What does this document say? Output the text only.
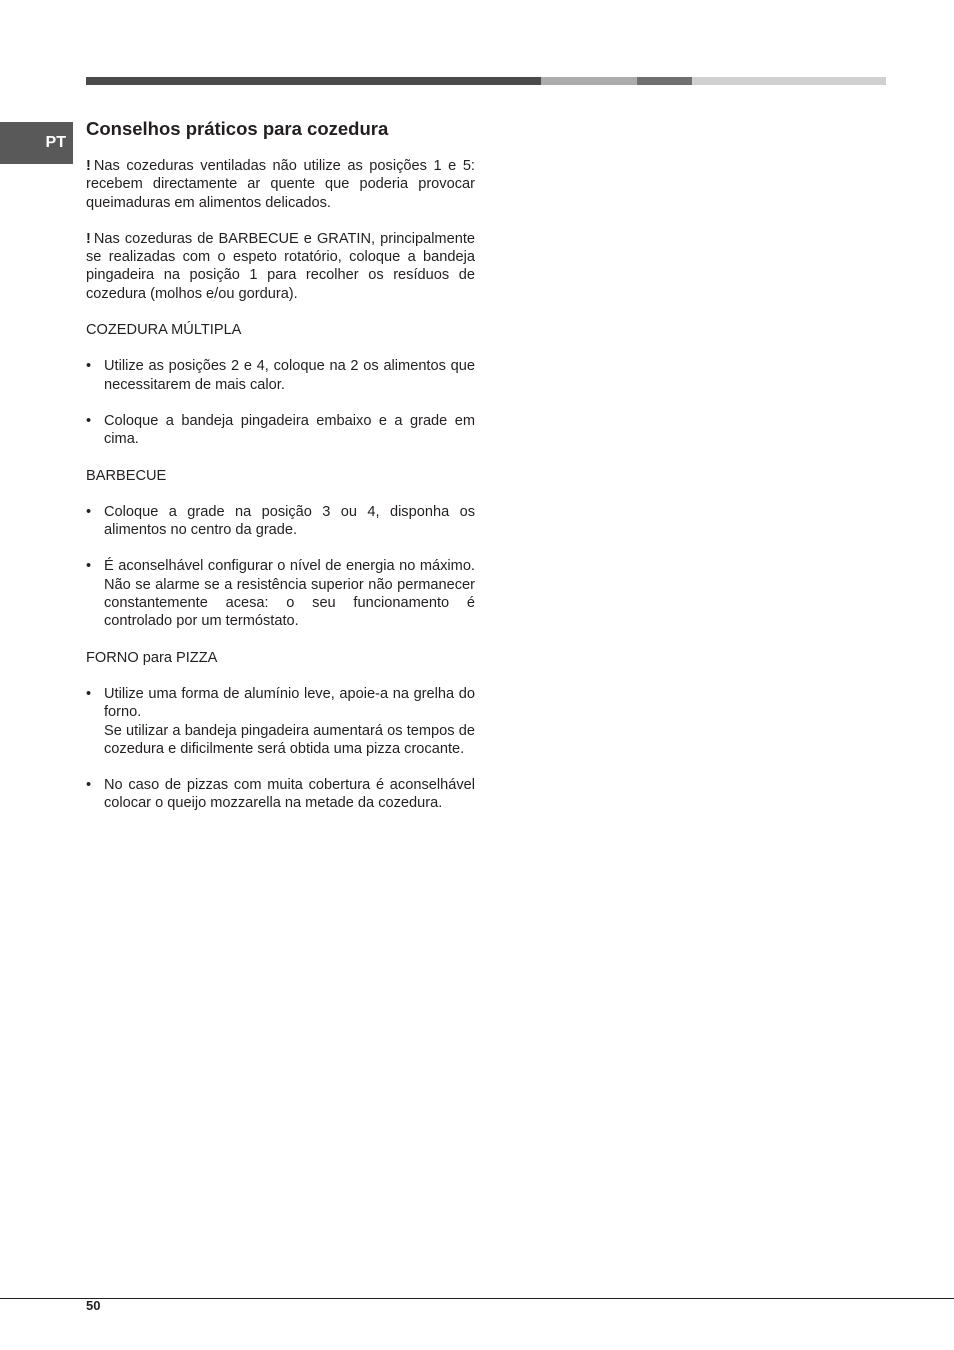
PT
Conselhos práticos para cozedura

! Nas cozeduras ventiladas não utilize as posições 1 e 5: recebem directamente ar quente que poderia provocar queimaduras em alimentos delicados.

! Nas cozeduras de BARBECUE e GRATIN, principalmente se realizadas com o espeto rotatório, coloque a bandeja pingadeira na posição 1 para recolher os resíduos de cozedura (molhos e/ou gordura).

COZEDURA MÚLTIPLA
• Utilize as posições 2 e 4, coloque na 2 os alimentos que necessitarem de mais calor.
• Coloque a bandeja pingadeira embaixo e a grade em cima.
BARBECUE
• Coloque a grade na posição 3 ou 4, disponha os alimentos no centro da grade.
• É aconselhável configurar o nível de energia no máximo. Não se alarme se a resistência superior não permanecer constantemente acesa: o seu funcionamento é controlado por um termóstato.
FORNO para PIZZA
• Utilize uma forma de alumínio leve, apoie-a na grelha do forno.
Se utilizar a bandeja pingadeira aumentará os tempos de cozedura e dificilmente será obtida uma pizza crocante.
• No caso de pizzas com muita cobertura é aconselhável colocar o queijo mozzarella na metade da cozedura.
50
